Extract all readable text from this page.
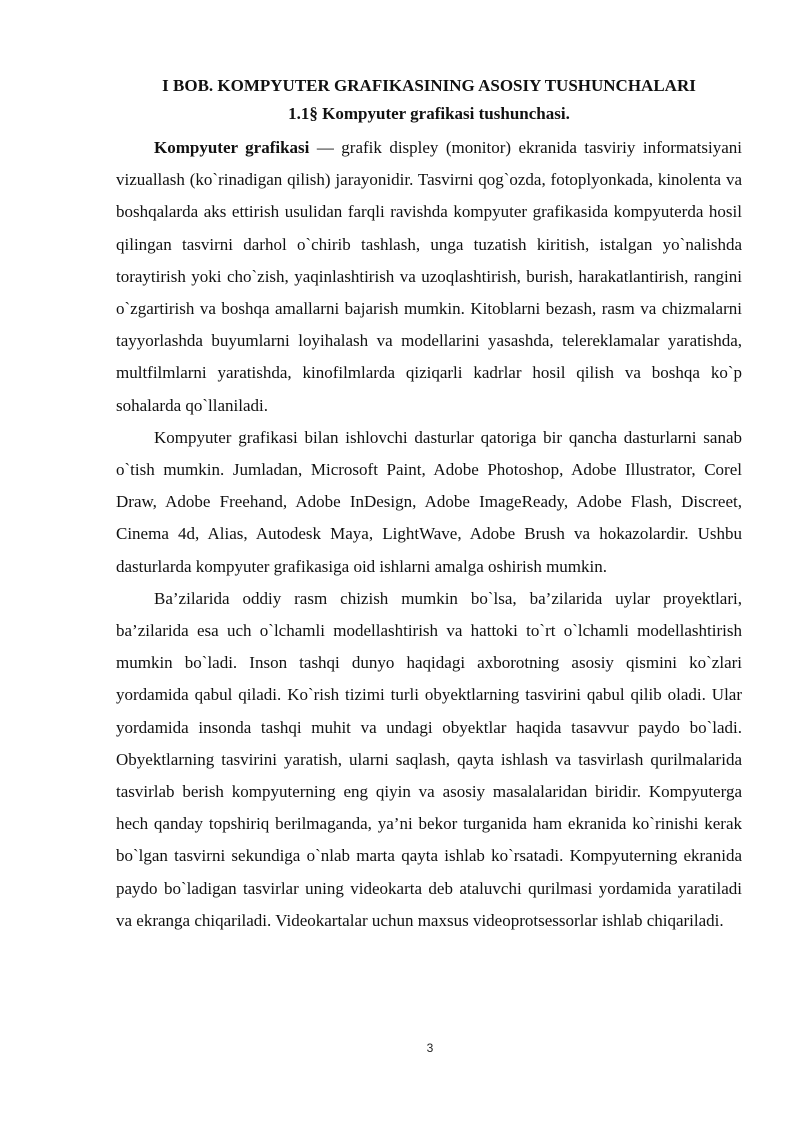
I BOB. KOMPYUTER GRAFIKASINING ASOSIY TUSHUNCHALARI
1.1§ Kompyuter grafikasi tushunchasi.

Kompyuter grafikasi — grafik displey (monitor) ekranida tasviriy informatsiyani vizuallash (ko`rinadigan qilish) jarayonidir. Tasvirni qog`ozda, fotoplyonkada, kinolenta va boshqalarda aks ettirish usulidan farqli ravishda kompyuter grafikasida kompyuterda hosil qilingan tasvirni darhol o`chirib tashlash, unga tuzatish kiritish, istalgan yo`nalishda toraytirish yoki cho`zish, yaqinlashtirish va uzoqlashtirish, burish, harakatlantirish, rangini o`zgartirish va boshqa amallarni bajarish mumkin. Kitoblarni bezash, rasm va chizmalarni tayyorlashda buyumlarni loyihalash va modellarini yasashda, telereklamalar yaratishda, multfilmlarni yaratishda, kinofilmlarda qiziqarli kadrlar hosil qilish va boshqa ko`p sohalarda qo`llaniladi.

Kompyuter grafikasi bilan ishlovchi dasturlar qatoriga bir qancha dasturlarni sanab o`tish mumkin. Jumladan, Microsoft Paint, Adobe Photoshop, Adobe Illustrator, Corel Draw, Adobe Freehand, Adobe InDesign, Adobe ImageReady, Adobe Flash, Discreet, Cinema 4d, Alias, Autodesk Maya, LightWave, Adobe Brush va hokazolardir. Ushbu dasturlarda kompyuter grafikasiga oid ishlarni amalga oshirish mumkin.

Ba’zilarida oddiy rasm chizish mumkin bo`lsa, ba’zilarida uylar proyektlari, ba’zilarida esa uch o`lchamli modellashtirish va hattoki to`rt o`lchamli modellashtirish mumkin bo`ladi. Inson tashqi dunyo haqidagi axborotning asosiy qismini ko`zlari yordamida qabul qiladi. Ko`rish tizimi turli obyektlarning tasvirini qabul qilib oladi. Ular yordamida insonda tashqi muhit va undagi obyektlar haqida tasavvur paydo bo`ladi. Obyektlarning tasvirini yaratish, ularni saqlash, qayta ishlash va tasvirlash qurilmalarida tasvirlab berish kompyuterning eng qiyin va asosiy masalalaridan biridir. Kompyuterga hech qanday topshiriq berilmaganda, ya’ni bekor turganida ham ekranida ko`rinishi kerak bo`lgan tasvirni sekundiga o`nlab marta qayta ishlab ko`rsatadi. Kompyuterning ekranida paydo bo`ladigan tasvirlar uning videokarta deb ataluvchi qurilmasi yordamida yaratiladi va ekranga chiqariladi. Videokartalar uchun maxsus videoprotsessorlar ishlab chiqariladi.

3
